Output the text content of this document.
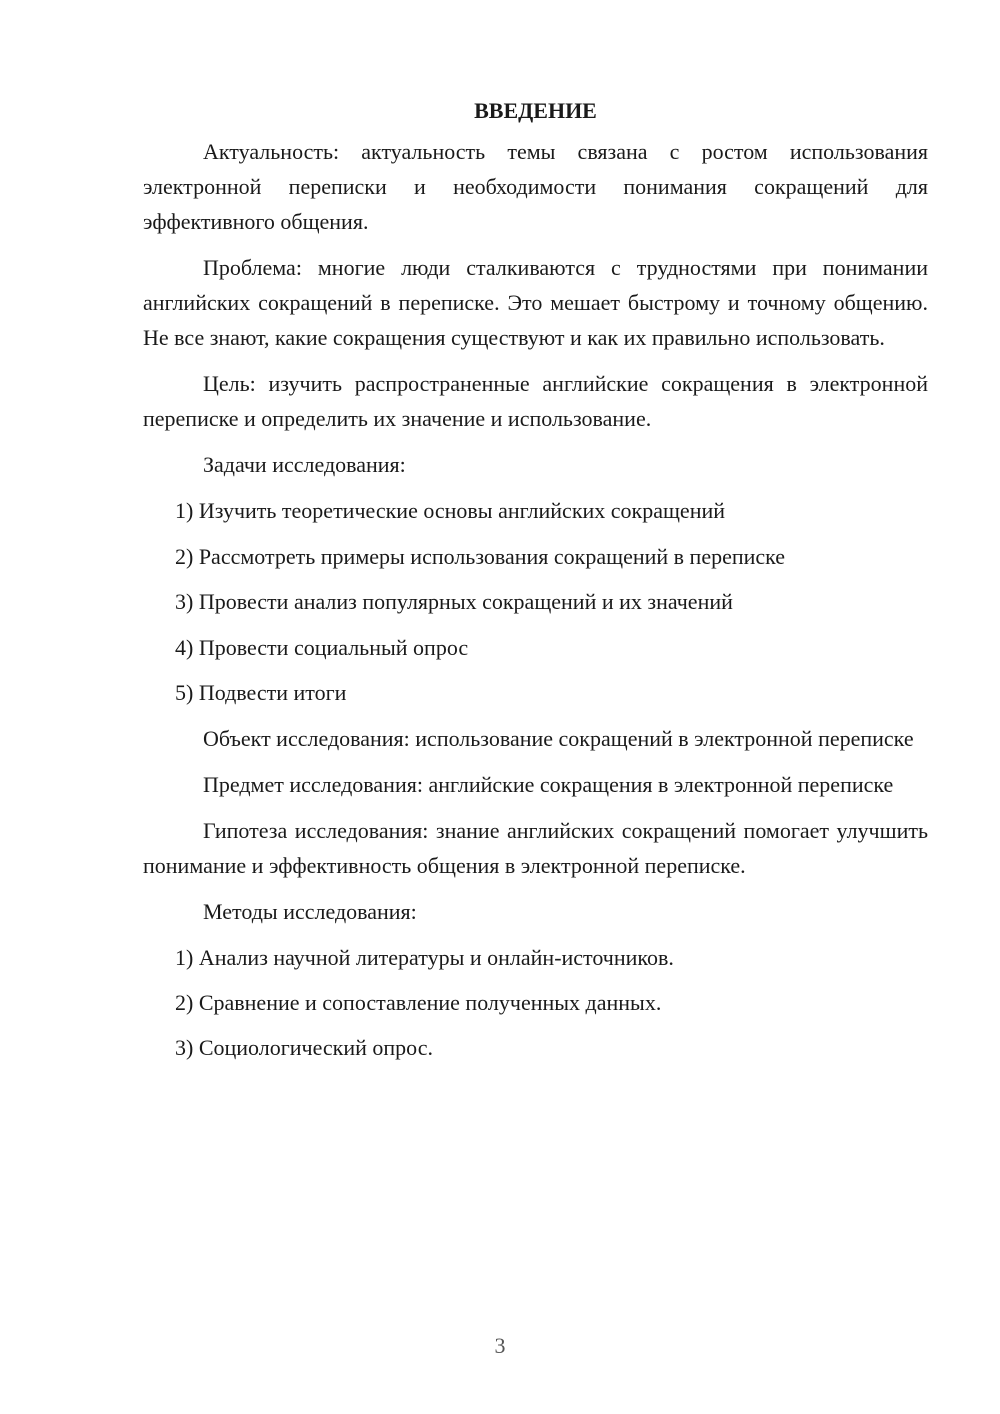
ВВЕДЕНИЕ

Актуальность: актуальность темы связана с ростом использования электронной переписки и необходимости понимания сокращений для эффективного общения.

Проблема: многие люди сталкиваются с трудностями при понимании английских сокращений в переписке. Это мешает быстрому и точному общению. Не все знают, какие сокращения существуют и как их правильно использовать.

Цель: изучить распространенные английские сокращения в электронной переписке и определить их значение и использование.

Задачи исследования:

1) Изучить теоретические основы английских сокращений
2) Рассмотреть примеры использования сокращений в переписке
3) Провести анализ популярных сокращений и их значений
4) Провести социальный опрос
5) Подвести итоги

Объект исследования: использование сокращений в электронной переписке

Предмет исследования: английские сокращения в электронной переписке

Гипотеза исследования: знание английских сокращений помогает улучшить понимание и эффективность общения в электронной переписке.

Методы исследования:

1) Анализ научной литературы и онлайн-источников.
2) Сравнение и сопоставление полученных данных.
3) Социологический опрос.
3
